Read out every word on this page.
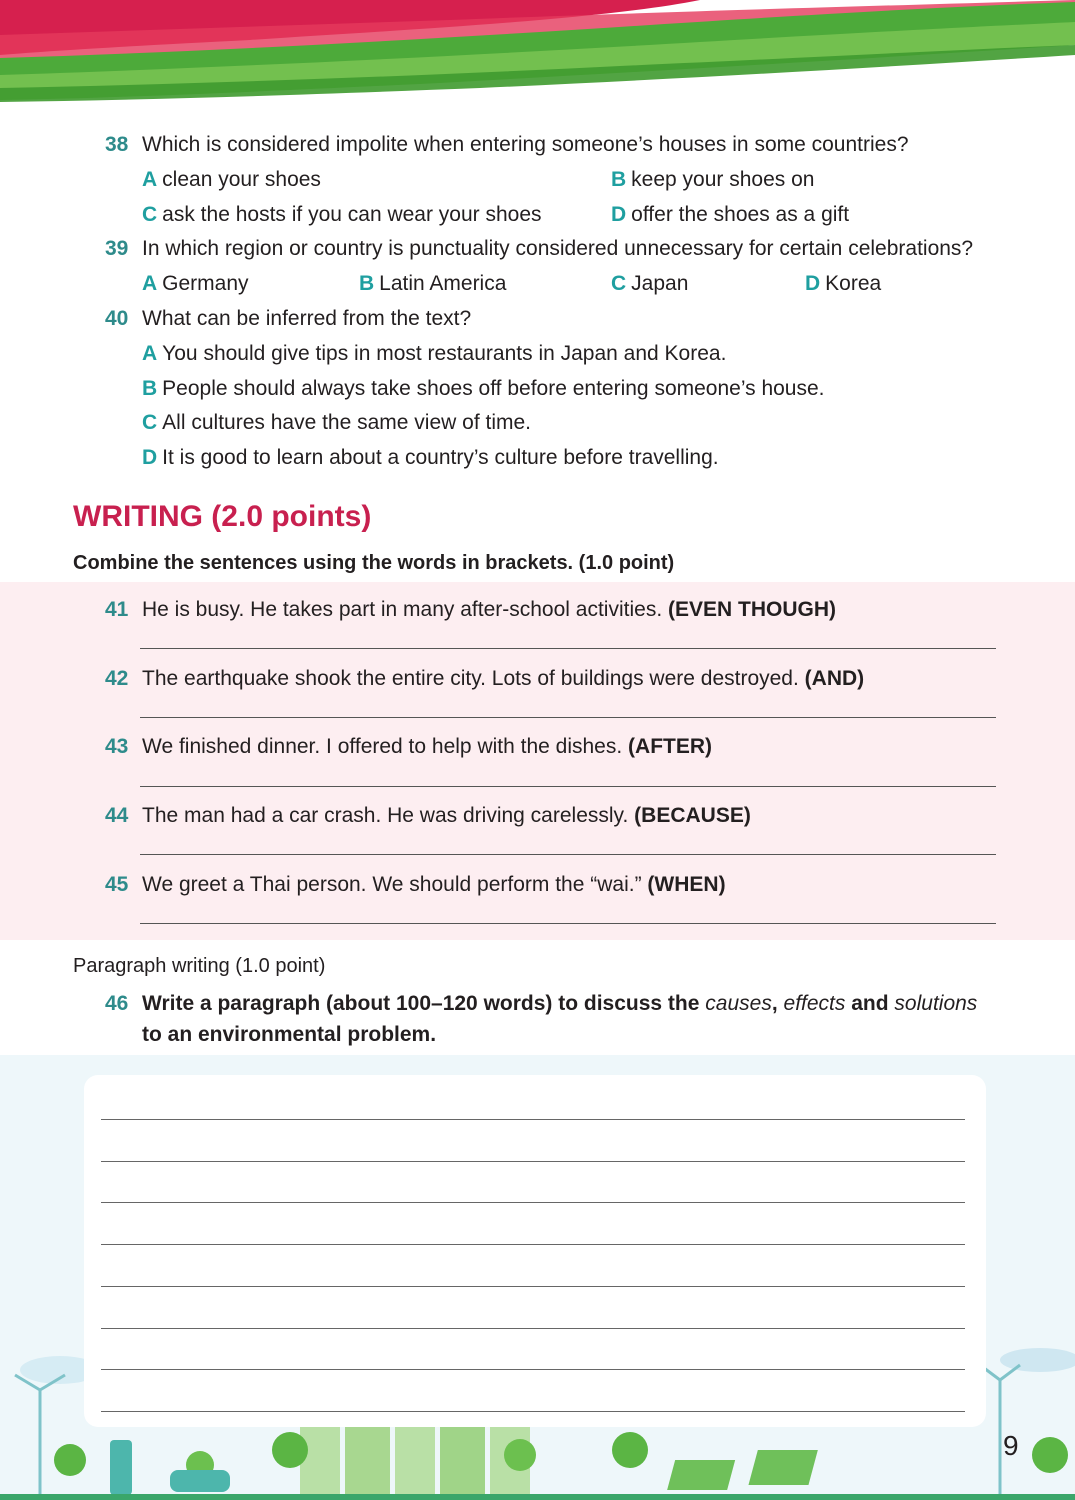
38 Which is considered impolite when entering someone’s houses in some countries?
A clean your shoes	B keep your shoes on
C ask the hosts if you can wear your shoes	D offer the shoes as a gift
39 In which region or country is punctuality considered unnecessary for certain celebrations?
A Germany	B Latin America	C Japan	D Korea
40 What can be inferred from the text?
A You should give tips in most restaurants in Japan and Korea.
B People should always take shoes off before entering someone’s house.
C All cultures have the same view of time.
D It is good to learn about a country’s culture before travelling.
WRITING (2.0 points)
Combine the sentences using the words in brackets. (1.0 point)
41 He is busy. He takes part in many after-school activities. (EVEN THOUGH)
42 The earthquake shook the entire city. Lots of buildings were destroyed. (AND)
43 We finished dinner. I offered to help with the dishes. (AFTER)
44 The man had a car crash. He was driving carelessly. (BECAUSE)
45 We greet a Thai person. We should perform the “wai.” (WHEN)
Paragraph writing (1.0 point)
46 Write a paragraph (about 100–120 words) to discuss the causes, effects and solutions
to an environmental problem.
9
